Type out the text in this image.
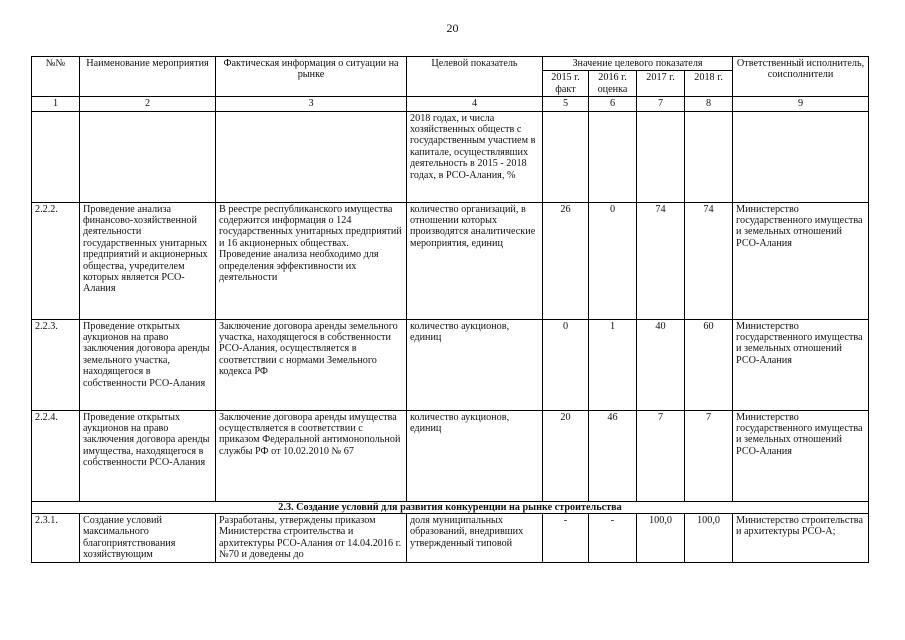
20
№№	Наименование мероприятия	Фактическая информация о ситуации на рынке	Целевой показатель	Значение целевого показателя				Ответственный исполнитель, соисполнители
				2015 г. факт	2016 г. оценка	2017 г.	2018 г.	
1	2	3	4	5	6	7	8	9
			2018 годах, и числа хозяйственных обществ с государственным участием в капитале, осуществлявших деятельность в 2015 - 2018 годах, в РСО-Алания, %					
2.2.2.	Проведение анализа финансово-хозяйственной деятельности государственных унитарных предприятий и акционерных общества, учредителем которых является РСО-Алания	В реестре республиканского имущества содержится информация о 124 государственных унитарных предприятий и 16 акционерных обществах. Проведение анализа необходимо для определения эффективности их деятельности	количество организаций, в отношении которых производятся аналитические мероприятия, единиц	26	0	74	74	Министерство государственного имущества и земельных отношений РСО-Алания
2.2.3.	Проведение открытых аукционов на право заключения договора аренды земельного участка, находящегося в собственности РСО-Алания	Заключение договора аренды земельного участка, находящегося в собственности РСО-Алания, осуществляется в соответствии с нормами Земельного кодекса РФ	количество аукционов, единиц	0	1	40	60	Министерство государственного имущества и земельных отношений РСО-Алания
2.2.4.	Проведение открытых аукционов на право заключения договора аренды имущества, находящегося в собственности РСО-Алания	Заключение договора аренды имущества осуществляется в соответствии с приказом Федеральной антимонопольной службы РФ от 10.02.2010 № 67	количество аукционов, единиц	20	46	7	7	Министерство государственного имущества и земельных отношений РСО-Алания
2.3. Создание условий для развития конкуренции на рынке строительства								
2.3.1.	Создание условий максимального благоприятствования хозяйствующим	Разработаны, утверждены приказом Министерства строительства и архитектуры РСО-Алания от 14.04.2016 г. №70 и доведены до	доля муниципальных образований, внедривших утвержденный типовой	-	-	100,0	100,0	Министерство строительства и архитектуры РСО-А;
